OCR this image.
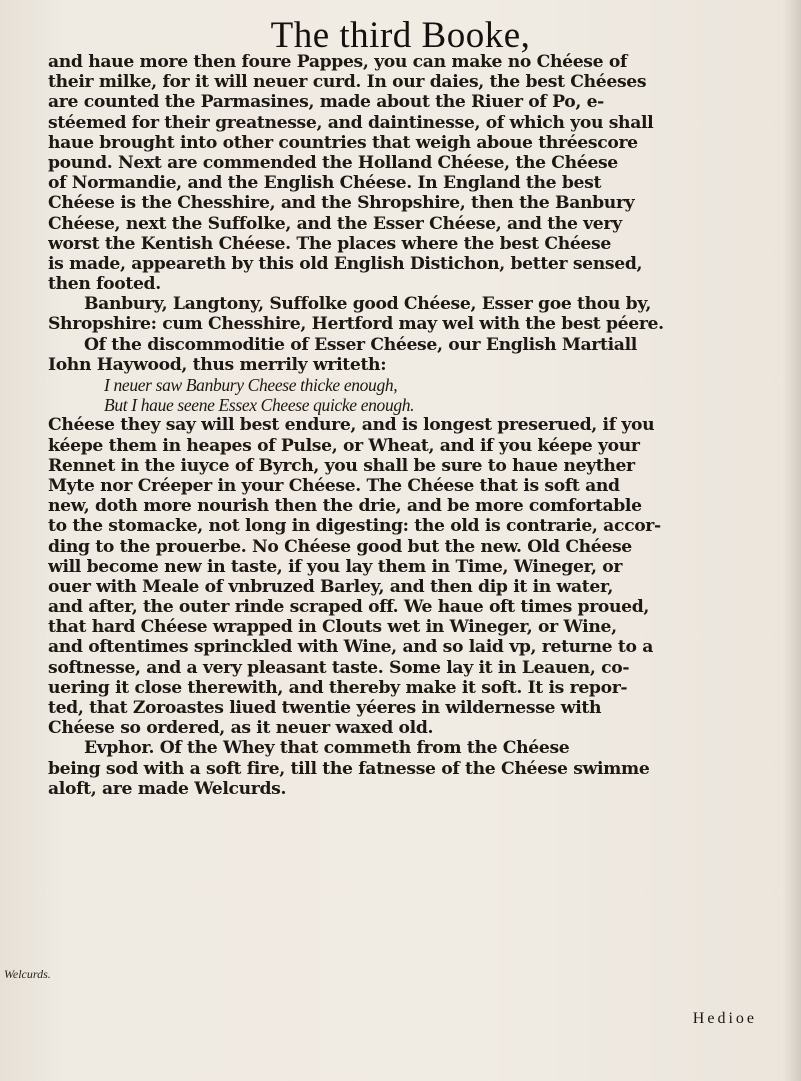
The third Booke,
and haue more then foure Pappes, you can make no Chéese of
their milke, for it will neuer curd. In our daies, the best Chéeses
are counted the Parmasines, made about the Riuer of Po, e-
stéemed for their greatnesse, and daintinesse, of which you shall
haue brought into other countries that weigh aboue thréescore
pound. Next are commended the Holland Chéese, the Chéese
of Normandie, and the English Chéese. In England the best
Chéese is the Chesshire, and the Shropshire, then the Banbury
Chéese, next the Suffolke, and the Esser Chéese, and the very
worst the Kentish Chéese. The places where the best Chéese
is made, appeareth by this old English Distichon, better sensed,
then footed.
Banbury, Langtony, Suffolke good Chéese, Esser goe thou by,
Shropshire: cum Chesshire, Hertford may wel with the best péere.
Of the discommoditie of Esser Chéese, our English Martiall
Iohn Haywood, thus merrily writeth:
I neuer saw Banbury Cheese thicke enough,
But I haue seene Essex Cheese quicke enough.
Chéese they say will best endure, and is longest preserued, if you
kéepe them in heapes of Pulse, or Wheat, and if you kéepe your
Rennet in the iuyce of Byrch, you shall be sure to haue neyther
Myte nor Créeper in your Chéese. The Chéese that is soft and
new, doth more nourish then the drie, and be more comfortable
to the stomacke, not long in digesting: the old is contrarie, accor-
ding to the prouerbe. No Chéese good but the new. Old Chéese
will become new in taste, if you lay them in Time, Wineger, or
ouer with Meale of vnbruzed Barley, and then dip it in water,
and after, the outer rinde scraped off. We haue oft times proued,
that hard Chéese wrapped in Clouts wet in Wineger, or Wine,
and oftentimes sprinckled with Wine, and so laid vp, returne to a
softnesse, and a very pleasant taste. Some lay it in Leauen, co-
uering it close therewith, and thereby make it soft. It is repor-
ted, that Zoroastes liued twentie yéeres in wildernesse with
Chéese so ordered, as it neuer waxed old.
Evphor. Of the Whey that commeth from the Chéese
being sod with a soft fire, till the fatnesse of the Chéese swimme
aloft, are made Welcurds.
Welcurds.
Hedioe
